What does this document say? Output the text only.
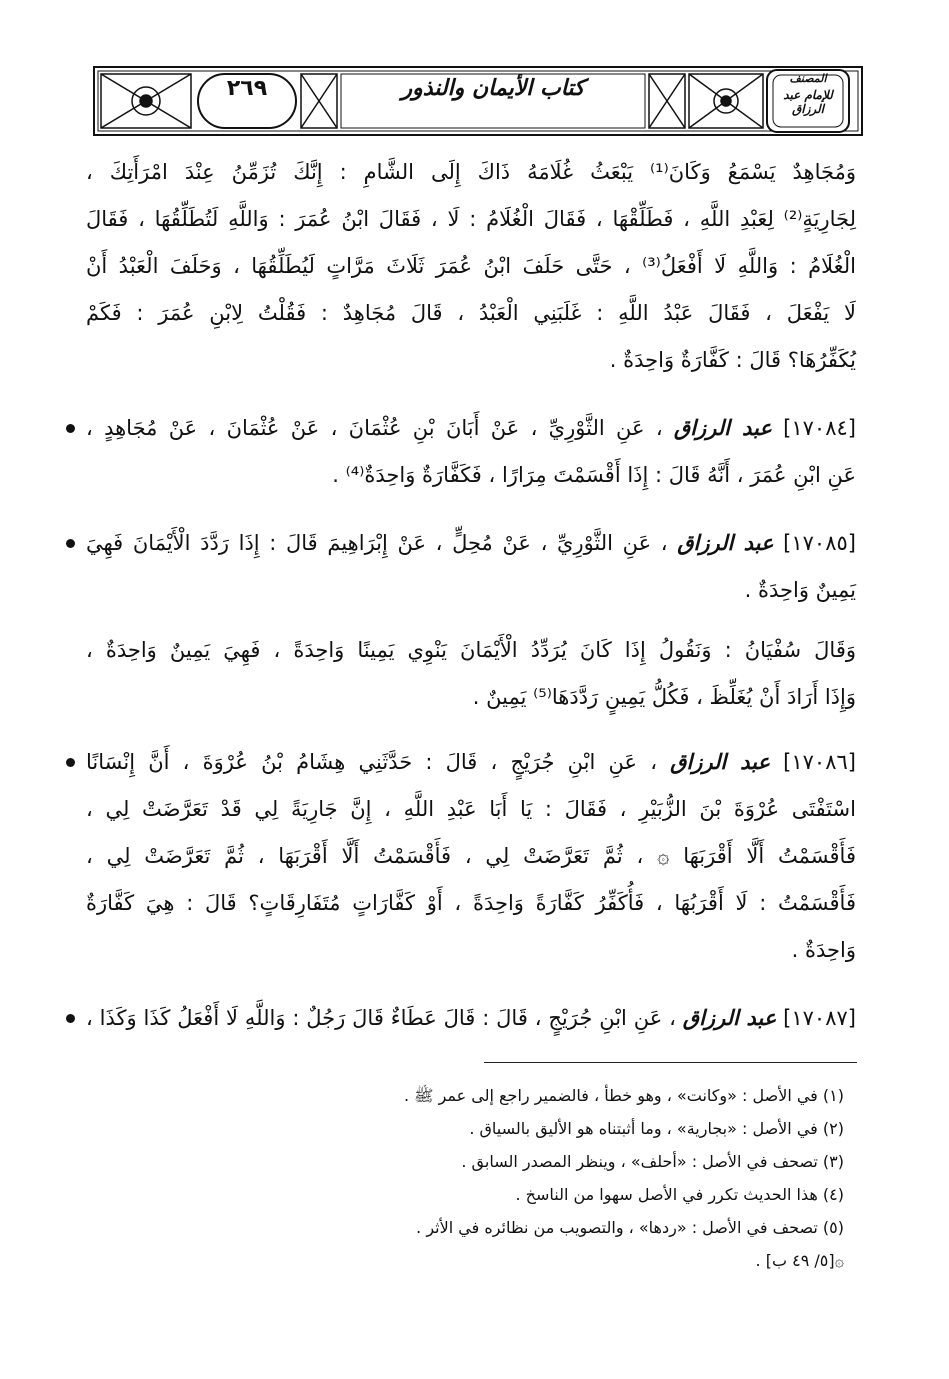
٢٦٩	كتاب الأيمان والنذور	المصنف
للإمام عبد الرزاق
وَمُجَاهِدٌ يَسْمَعُ وَكَانَ⁽¹⁾ يَبْعَثُ غُلَامَهُ ذَاكَ إِلَى الشَّامِ : إِنَّكَ تُزَمِّنُ عِنْدَ امْرَأَتِكَ ،
لِجَارِيَةٍ⁽²⁾ لِعَبْدِ اللَّهِ ، فَطَلِّقْهَا ، فَقَالَ الْغُلَامُ : لَا ، فَقَالَ ابْنُ عُمَرَ : وَاللَّهِ لَتُطَلِّقُهَا ، فَقَالَ
الْغُلَامُ : وَاللَّهِ لَا أَفْعَلُ⁽³⁾ ، حَتَّى حَلَفَ ابْنُ عُمَرَ ثَلَاثَ مَرَّاتٍ لَيُطَلِّقُهَا ، وَحَلَفَ الْعَبْدُ أَنْ
لَا يَفْعَلَ ، فَقَالَ عَبْدُ اللَّهِ : غَلَبَنِي الْعَبْدُ ، قَالَ مُجَاهِدٌ : فَقُلْتُ لِابْنِ عُمَرَ : فَكَمْ
يُكَفِّرُهَا؟ قَالَ : كَفَّارَةٌ وَاحِدَةٌ .
[١٧٠٨٤] عبد الرزاق ، عَنِ الثَّوْرِيِّ ، عَنْ أَبَانَ بْنِ عُثْمَانَ ، عَنْ عُثْمَانَ ، عَنْ مُجَاهِدٍ ،
عَنِ ابْنِ عُمَرَ ، أَنَّهُ قَالَ : إِذَا أَقْسَمْتَ مِرَارًا ، فَكَفَّارَةٌ وَاحِدَةٌ⁽⁴⁾ .
[١٧٠٨٥] عبد الرزاق ، عَنِ الثَّوْرِيِّ ، عَنْ مُحِلٍّ ، عَنْ إِبْرَاهِيمَ قَالَ : إِذَا رَدَّدَ الْأَيْمَانَ فَهِيَ
يَمِينٌ وَاحِدَةٌ .
وَقَالَ سُفْيَانُ : وَنَقُولُ إِذَا كَانَ يُرَدِّدُ الْأَيْمَانَ يَنْوِي يَمِينًا وَاحِدَةً ، فَهِيَ يَمِينٌ وَاحِدَةٌ ،
وَإِذَا أَرَادَ أَنْ يُغَلِّظَ ، فَكُلُّ يَمِينٍ رَدَّدَهَا⁽⁵⁾ يَمِينٌ .
[١٧٠٨٦] عبد الرزاق ، عَنِ ابْنِ جُرَيْجٍ ، قَالَ : حَدَّثَنِي هِشَامُ بْنُ عُرْوَةَ ، أَنَّ إِنْسَانًا
اسْتَفْتَى عُرْوَةَ بْنَ الزُّبَيْرِ ، فَقَالَ : يَا أَبَا عَبْدِ اللَّهِ ، إِنَّ جَارِيَةً لِي قَدْ تَعَرَّضَتْ لِي ،
فَأَقْسَمْتُ أَلَّا أَقْرَبَهَا ۞ ، ثُمَّ تَعَرَّضَتْ لِي ، فَأَقْسَمْتُ أَلَّا أَقْرَبَهَا ، ثُمَّ تَعَرَّضَتْ لِي ،
فَأَقْسَمْتُ : لَا أَقْرَبُهَا ، فَأُكَفِّرُ كَفَّارَةً وَاحِدَةً ، أَوْ كَفَّارَاتٍ مُتَفَارِقَاتٍ؟ قَالَ : هِيَ كَفَّارَةٌ
وَاحِدَةٌ .
[١٧٠٨٧] عبد الرزاق ، عَنِ ابْنِ جُرَيْجٍ ، قَالَ : قَالَ عَطَاءٌ قَالَ رَجُلٌ : وَاللَّهِ لَا أَفْعَلُ كَذَا وَكَذَا ،
(١) في الأصل : «وكانت» ، وهو خطأ ، فالضمير راجع إلى عمر ﷺ .
(٢) في الأصل : «بجارية» ، وما أثبتناه هو الأليق بالسياق .
(٣) تصحف في الأصل : «أحلف» ، وينظر المصدر السابق .
(٤) هذا الحديث تكرر في الأصل سهوا من الناسخ .
(٥) تصحف في الأصل : «ردها» ، والتصويب من نظائره في الأثر .
۞[٥/ ٤٩ ب] .
